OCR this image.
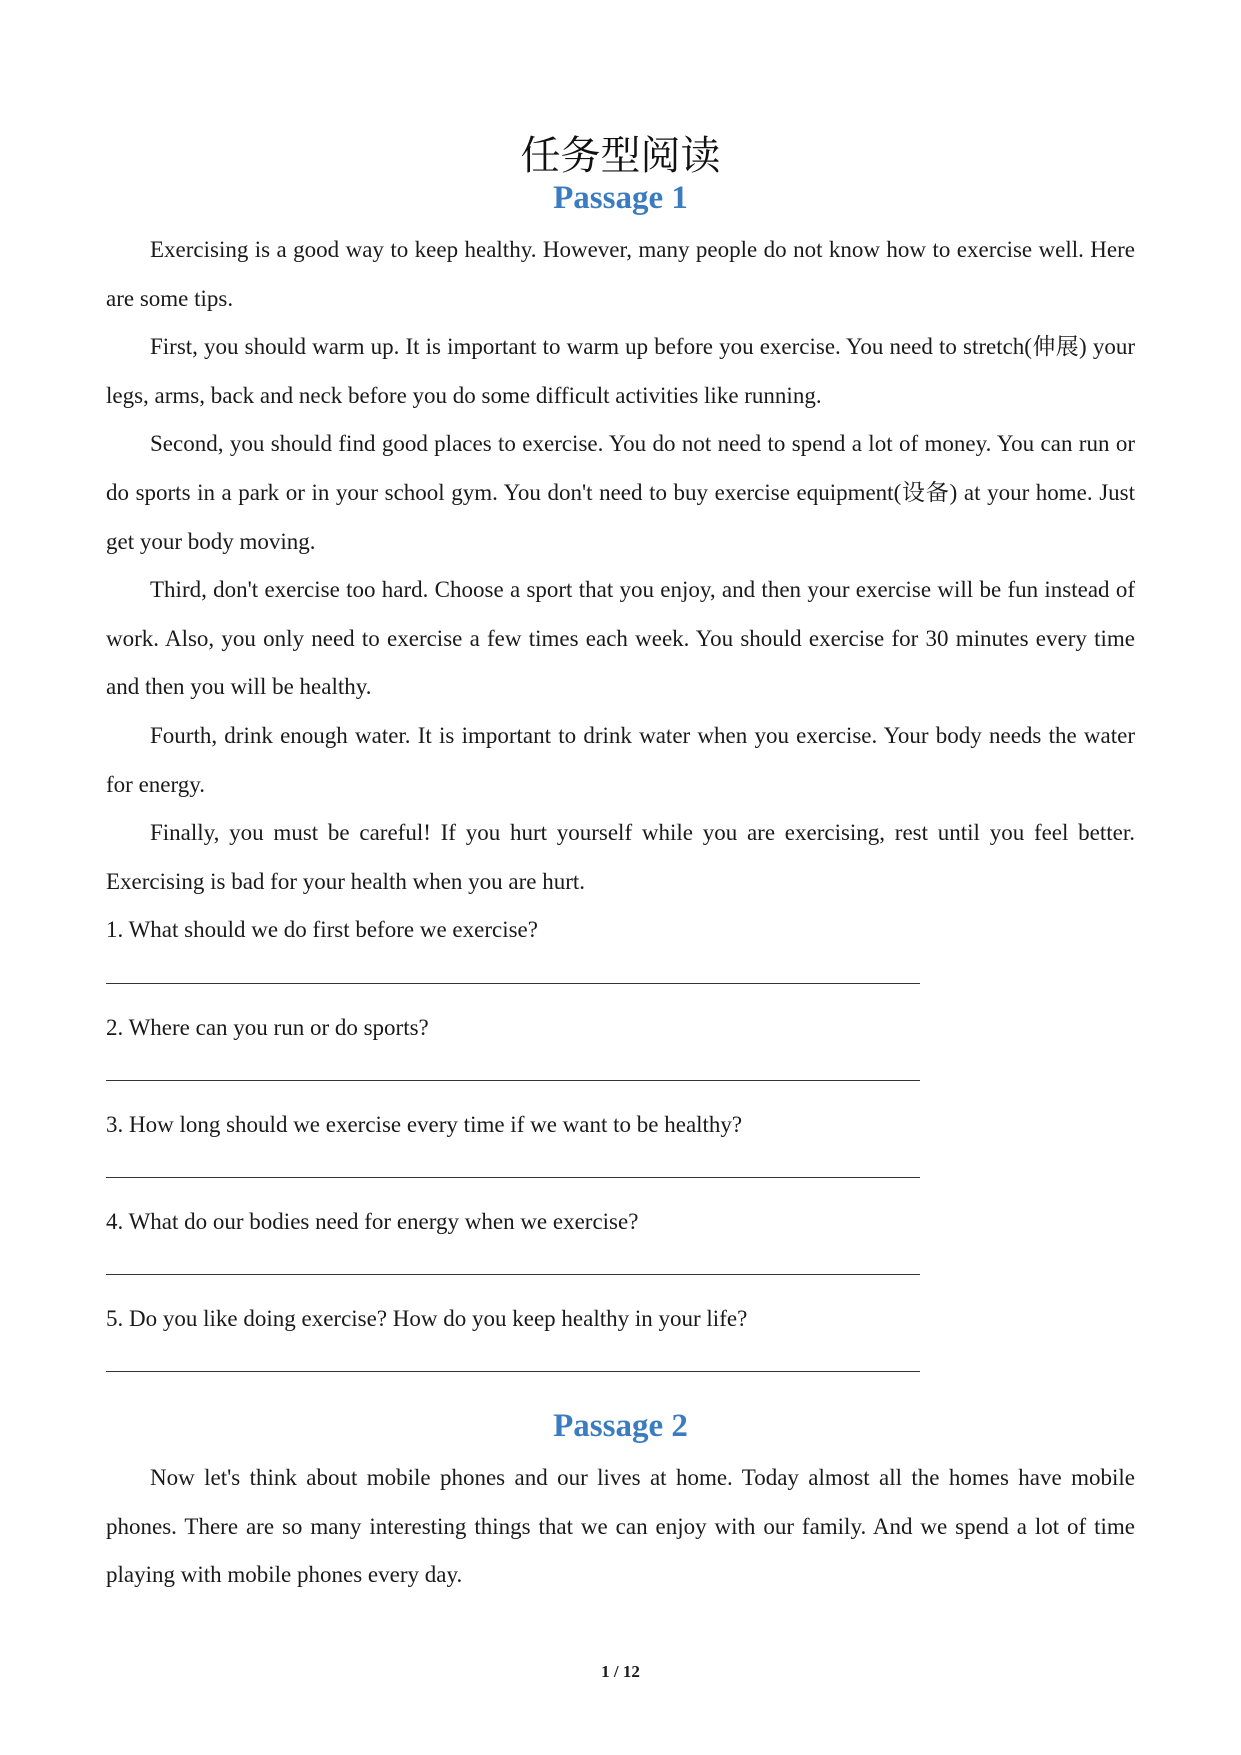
任务型阅读
Passage 1

Exercising is a good way to keep healthy. However, many people do not know how to exercise well. Here are some tips.

First, you should warm up. It is important to warm up before you exercise. You need to stretch(伸展) your legs, arms, back and neck before you do some difficult activities like running.

Second, you should find good places to exercise. You do not need to spend a lot of money. You can run or do sports in a park or in your school gym. You don't need to buy exercise equipment(设备) at your home. Just get your body moving.

Third, don't exercise too hard. Choose a sport that you enjoy, and then your exercise will be fun instead of work. Also, you only need to exercise a few times each week. You should exercise for 30 minutes every time and then you will be healthy.

Fourth, drink enough water. It is important to drink water when you exercise. Your body needs the water for energy.

Finally, you must be careful! If you hurt yourself while you are exercising, rest until you feel better. Exercising is bad for your health when you are hurt.

1. What should we do first before we exercise?

2. Where can you run or do sports?

3. How long should we exercise every time if we want to be healthy?

4. What do our bodies need for energy when we exercise?

5. Do you like doing exercise? How do you keep healthy in your life?

Passage 2

Now let's think about mobile phones and our lives at home. Today almost all the homes have mobile phones. There are so many interesting things that we can enjoy with our family. And we spend a lot of time playing with mobile phones every day.

1 / 12
